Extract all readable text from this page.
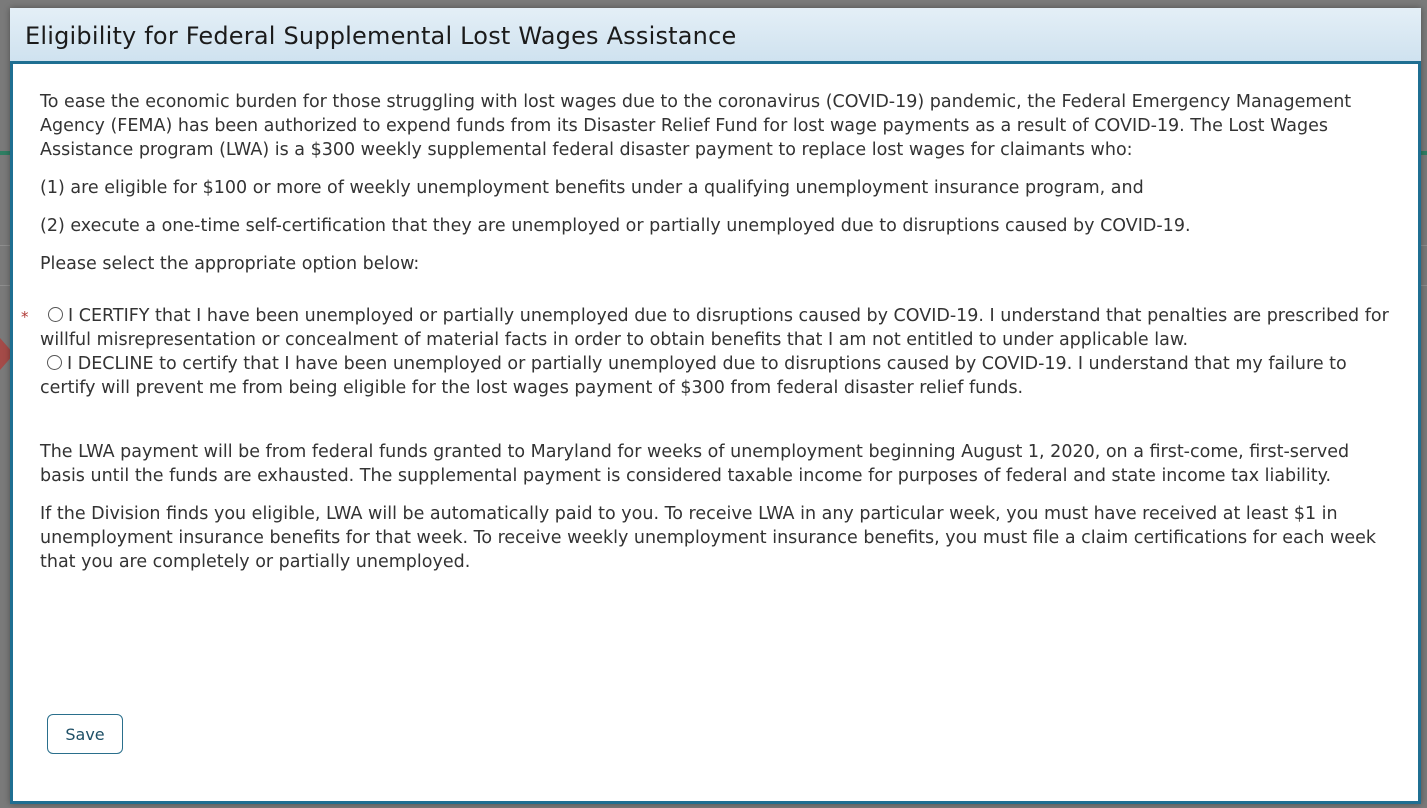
Eligibility for Federal Supplemental Lost Wages Assistance

To ease the economic burden for those struggling with lost wages due to the coronavirus (COVID-19) pandemic, the Federal Emergency Management Agency (FEMA) has been authorized to expend funds from its Disaster Relief Fund for lost wage payments as a result of COVID-19. The Lost Wages Assistance program (LWA) is a $300 weekly supplemental federal disaster payment to replace lost wages for claimants who:

(1) are eligible for $100 or more of weekly unemployment benefits under a qualifying unemployment insurance program, and

(2) execute a one-time self-certification that they are unemployed or partially unemployed due to disruptions caused by COVID-19.

Please select the appropriate option below:

*	I CERTIFY that I have been unemployed or partially unemployed due to disruptions caused by COVID-19. I understand that penalties are prescribed for willful misrepresentation or concealment of material facts in order to obtain benefits that I am not entitled to under applicable law.
I DECLINE to certify that I have been unemployed or partially unemployed due to disruptions caused by COVID-19. I understand that my failure to certify will prevent me from being eligible for the lost wages payment of $300 from federal disaster relief funds.

The LWA payment will be from federal funds granted to Maryland for weeks of unemployment beginning August 1, 2020, on a first-come, first-served basis until the funds are exhausted. The supplemental payment is considered taxable income for purposes of federal and state income tax liability.

If the Division finds you eligible, LWA will be automatically paid to you. To receive LWA in any particular week, you must have received at least $1 in unemployment insurance benefits for that week. To receive weekly unemployment insurance benefits, you must file a claim certifications for each week that you are completely or partially unemployed.

Save
